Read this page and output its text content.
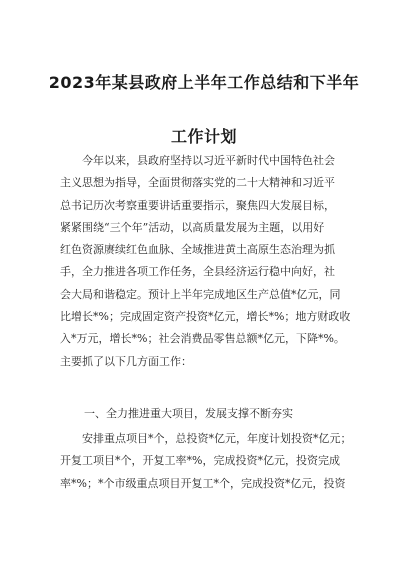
2023年某县政府上半年工作总结和下半年
工作计划
今年以来，县政府坚持以习近平新时代中国特色社会
主义思想为指导，全面贯彻落实党的二十大精神和习近平
总书记历次考察重要讲话重要指示，聚焦四大发展目标，
紧紧围绕“三个年”活动，以高质量发展为主题，以用好
红色资源赓续红色血脉、全域推进黄土高原生态治理为抓
手，全力推进各项工作任务，全县经济运行稳中向好，社
会大局和谐稳定。预计上半年完成地区生产总值*亿元，同
比增长*%；完成固定资产投资*亿元，增长*%；地方财政收
入*万元，增长*%；社会消费品零售总额*亿元，下降*%。
主要抓了以下几方面工作：
一、全力推进重大项目，发展支撑不断夯实
安排重点项目*个，总投资*亿元，年度计划投资*亿元；
开复工项目*个，开复工率*%，完成投资*亿元，投资完成
率*%；*个市级重点项目开复工*个，完成投资*亿元，投资
